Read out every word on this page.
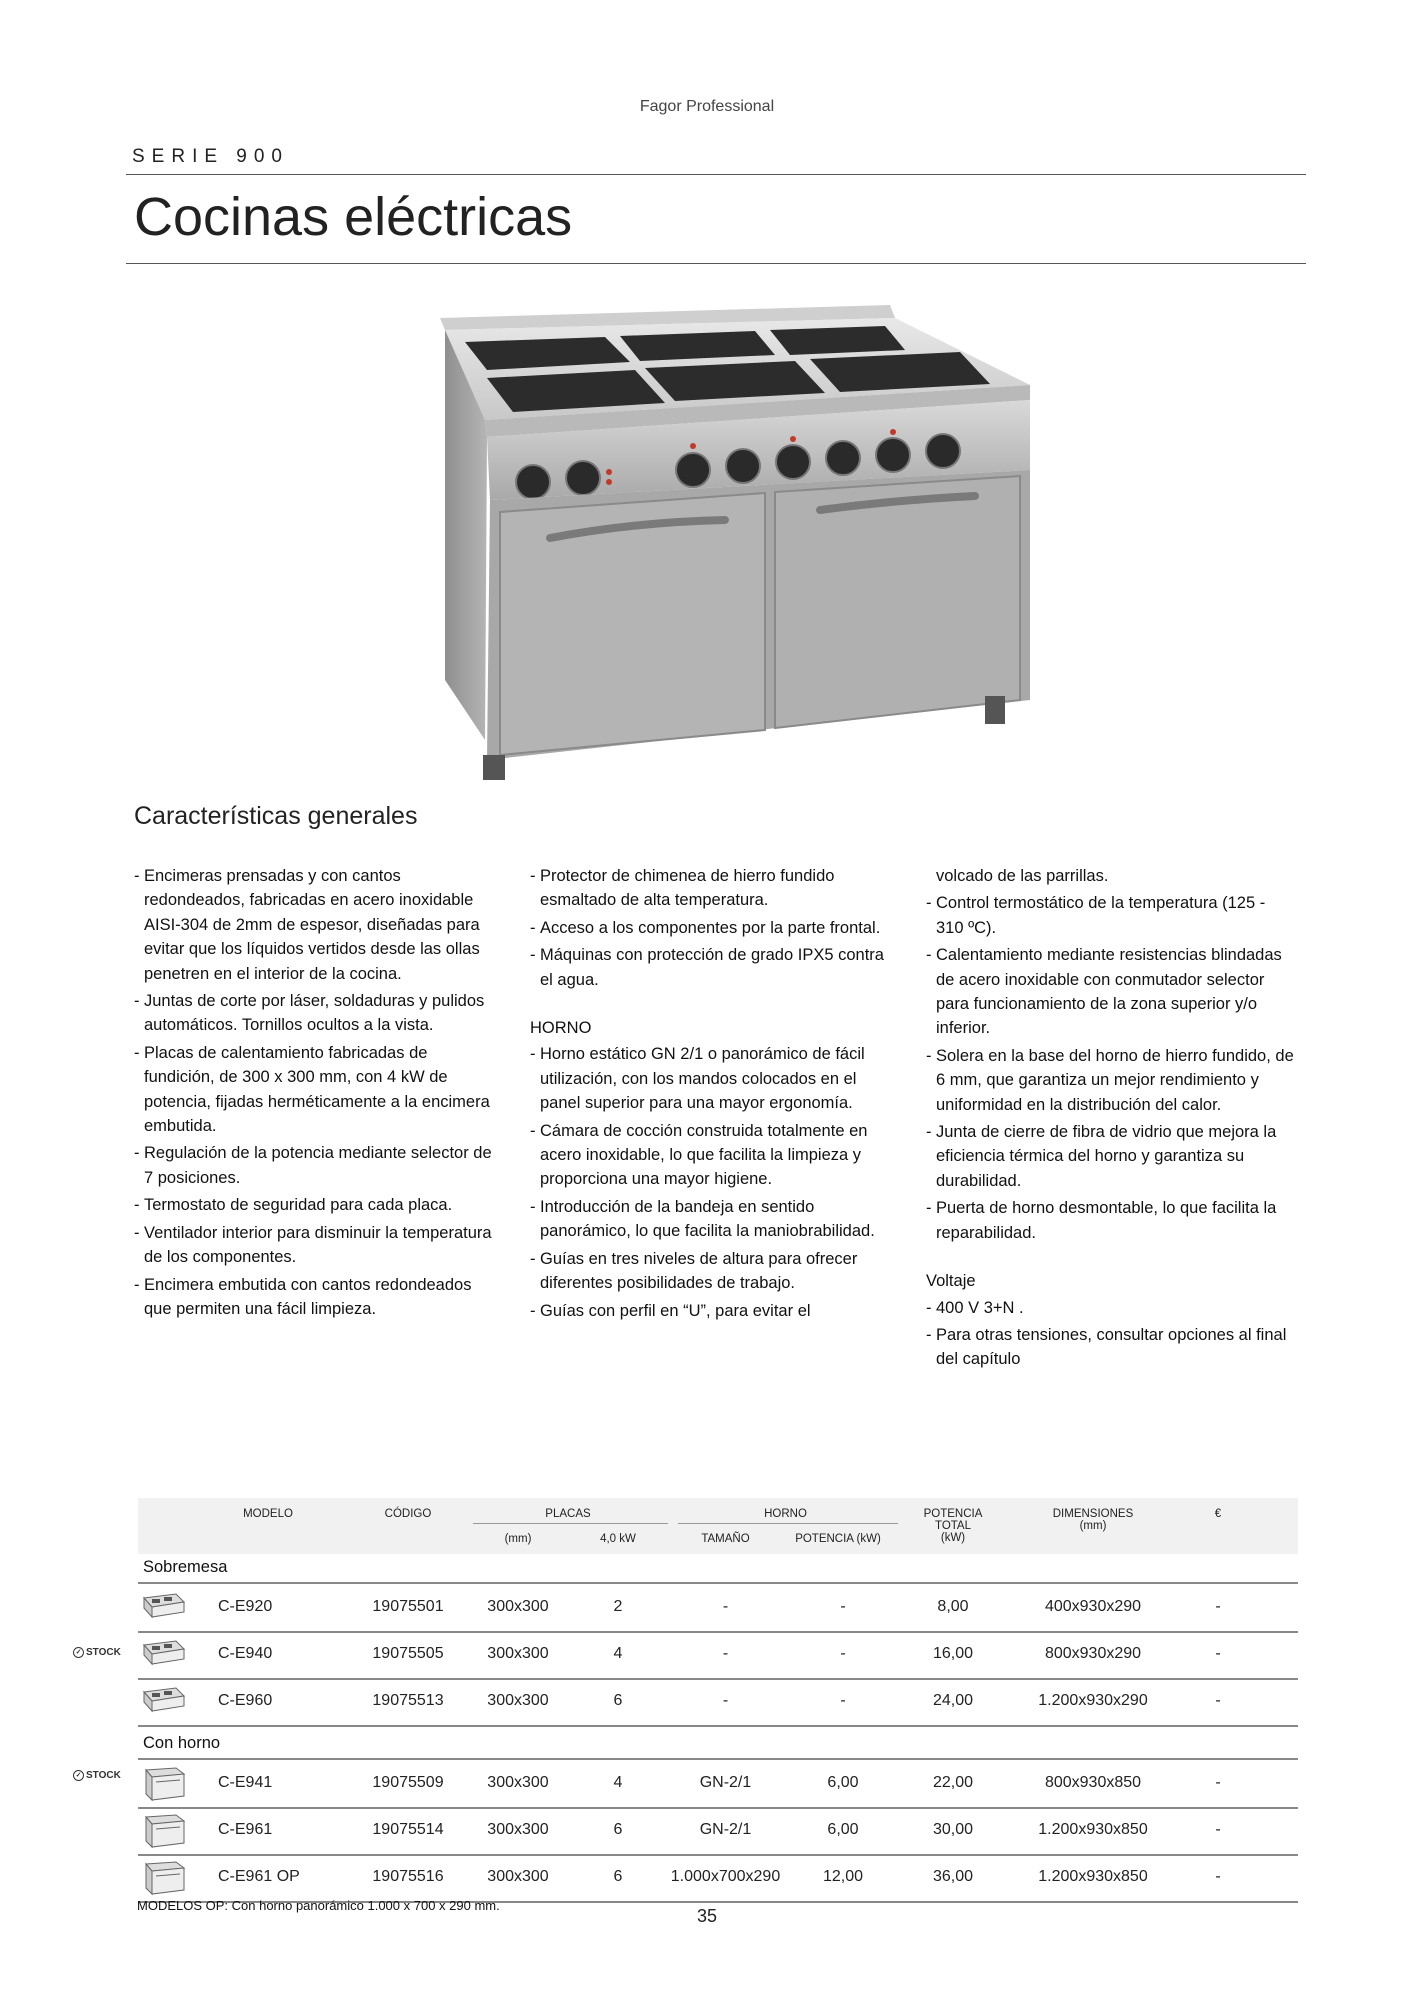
Fagor Professional
SERIE 900
Cocinas eléctricas
Características generales
- Encimeras prensadas y con cantos redondeados, fabricadas en acero inoxidable AISI-304 de 2mm de espesor, diseñadas para evitar que los líquidos vertidos desde las ollas penetren en el interior de la cocina.
- Juntas de corte por láser, soldaduras y pulidos automáticos. Tornillos ocultos a la vista.
- Placas de calentamiento fabricadas de fundición, de 300 x 300 mm, con 4 kW de potencia, fijadas herméticamente a la encimera embutida.
- Regulación de la potencia mediante selector de 7 posiciones.
- Termostato de seguridad para cada placa.
- Ventilador interior para disminuir la temperatura de los componentes.
- Encimera embutida con cantos redondeados que permiten una fácil limpieza.
- Protector de chimenea de hierro fundido esmaltado de alta temperatura.
- Acceso a los componentes por la parte frontal.
- Máquinas con protección de grado IPX5 contra el agua.
HORNO
- Horno estático GN 2/1 o panorámico de fácil utilización, con los mandos colocados en el panel superior para una mayor ergonomía.
- Cámara de cocción construida totalmente en acero inoxidable, lo que facilita la limpieza y proporciona una mayor higiene.
- Introducción de la bandeja en sentido panorámico, lo que facilita la maniobrabilidad.
- Guías en tres niveles de altura para ofrecer diferentes posibilidades de trabajo.
- Guías con perfil en “U”, para evitar el
volcado de las parrillas.
- Control termostático de la temperatura (125 - 310 ºC).
- Calentamiento mediante resistencias blindadas de acero inoxidable con conmutador selector para funcionamiento de la zona superior y/o inferior.
- Solera en la base del horno de hierro fundido, de 6 mm, que garantiza un mejor rendimiento y uniformidad en la distribución del calor.
- Junta de cierre de fibra de vidrio que mejora la eficiencia térmica del horno y garantiza su durabilidad.
- Puerta de horno desmontable, lo que facilita la reparabilidad.
Voltaje
- 400 V 3+N .
- Para otras tensiones, consultar opciones al final del capítulo
MODELO	CÓDIGO	PLACAS
(mm)	4,0 kW
HORNO
TAMAÑO	POTENCIA (kW)
POTENCIA
TOTAL
(kW)
DIMENSIONES
(mm)
€
Sobremesa
C-E920	19075501	300x300	2	-	-	8,00	400x930x290	-
C-E940	19075505	300x300	4	-	-	16,00	800x930x290	-
C-E960	19075513	300x300	6	-	-	24,00	1.200x930x290	-
Con horno
C-E941	19075509	300x300	4	GN-2/1	6,00	22,00	800x930x850	-
C-E961	19075514	300x300	6	GN-2/1	6,00	30,00	1.200x930x850	-
C-E961 OP	19075516	300x300	6	1.000x700x290	12,00	36,00	1.200x930x850	-
✓ STOCK
✓ STOCK
MODELOS OP: Con horno panorámico 1.000 x 700 x 290 mm.
35
